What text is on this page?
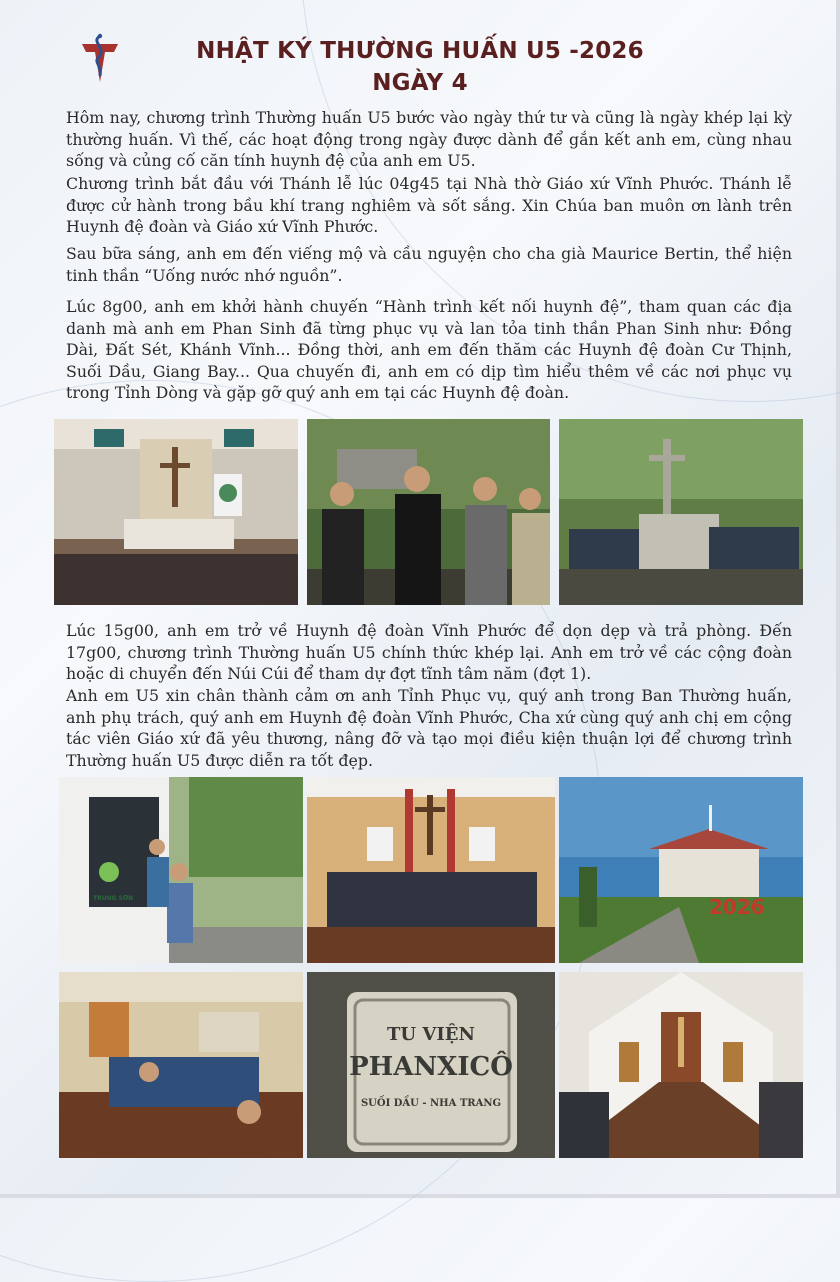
NHẬT KÝ THƯỜNG HUẤN U5 -2026
NGÀY 4

Hôm nay, chương trình Thường huấn U5 bước vào ngày thứ tư và cũng là ngày khép lại kỳ thường huấn. Vì thế, các hoạt động trong ngày được dành để gắn kết anh em, cùng nhau sống và củng cố căn tính huynh đệ của anh em U5.

Chương trình bắt đầu với Thánh lễ lúc 04g45 tại Nhà thờ Giáo xứ Vĩnh Phước. Thánh lễ được cử hành trong bầu khí trang nghiêm và sốt sắng. Xin Chúa ban muôn ơn lành trên Huynh đệ đoàn và Giáo xứ Vĩnh Phước.

Sau bữa sáng, anh em đến viếng mộ và cầu nguyện cho cha già Maurice Bertin, thể hiện tinh thần “Uống nước nhớ nguồn”.

Lúc 8g00, anh em khởi hành chuyến “Hành trình kết nối huynh đệ”, tham quan các địa danh mà anh em Phan Sinh đã từng phục vụ và lan tỏa tinh thần Phan Sinh như: Đồng Dài, Đất Sét, Khánh Vĩnh... Đồng thời, anh em đến thăm các Huynh đệ đoàn Cư Thịnh, Suối Dầu, Giang Bay... Qua chuyến đi, anh em có dịp tìm hiểu thêm về các nơi phục vụ trong Tỉnh Dòng và gặp gỡ quý anh em tại các Huynh đệ đoàn.

Lúc 15g00, anh em trở về Huynh đệ đoàn Vĩnh Phước để dọn dẹp và trả phòng. Đến 17g00, chương trình Thường huấn U5 chính thức khép lại. Anh em trở về các cộng đoàn hoặc di chuyển đến Núi Cúi để tham dự đợt tĩnh tâm năm (đợt 1).

Anh em U5 xin chân thành cảm ơn anh Tỉnh Phục vụ, quý anh trong Ban Thường huấn, anh phụ trách, quý anh em Huynh đệ đoàn Vĩnh Phước, Cha xứ cùng quý anh chị em cộng tác viên Giáo xứ đã yêu thương, nâng đỡ và tạo mọi điều kiện thuận lợi để chương trình Thường huấn U5 được diễn ra tốt đẹp.

TRUNG SƠN	2026
TU VIỆN
PHANXICÔ
SUỐI DẦU - NHA TRANG
